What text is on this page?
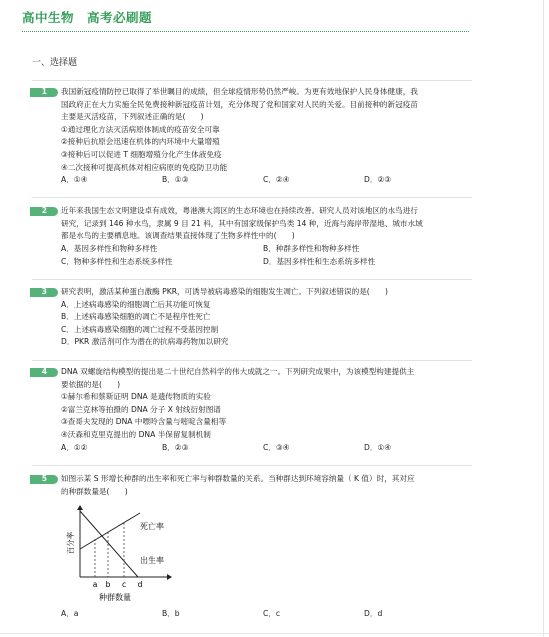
高中生物　高考必刷题
一、选择题
1 我国新冠疫情防控已取得了举世瞩目的成绩，但全球疫情形势仍然严峻。为更有效地保护人民身体健康，我
国政府正在大力实施全民免费接种新冠疫苗计划，充分体现了党和国家对人民的关爱。目前接种的新冠疫苗
主要是灭活疫苗，下列叙述正确的是(　　)
①通过理化方法灭活病原体制成的疫苗安全可靠
②接种后抗原会迅速在机体的内环境中大量增殖
③接种后可以促进 T 细胞增殖分化产生体液免疫
④二次接种可提高机体对相应病原的免疫防卫功能
A．①④	B．①③	C．②④	D．②③
2 近年来我国生态文明建设卓有成效，粤港澳大湾区的生态环境也在持续改善。研究人员对该地区的水鸟进行
研究，记录到 146 种水鸟，隶属 9 目 21 科，其中有国家级保护鸟类 14 种，近海与海岸带湿地、城市水域
都是水鸟的主要栖息地。该调查结果直接体现了生物多样性中的(　　)
A．基因多样性和物种多样性	B．种群多样性和物种多样性
C．物种多样性和生态系统多样性	D．基因多样性和生态系统多样性
3 研究表明，激活某种蛋白激酶 PKR，可诱导被病毒感染的细胞发生凋亡。下列叙述错误的是(　　)
A．上述病毒感染的细胞凋亡后其功能可恢复
B．上述病毒感染细胞的凋亡不是程序性死亡
C．上述病毒感染细胞的凋亡过程不受基因控制
D．PKR 激活剂可作为潜在的抗病毒药物加以研究
4 DNA 双螺旋结构模型的提出是二十世纪自然科学的伟大成就之一。下列研究成果中，为该模型构建提供主
要依据的是(　　)
①赫尔希和蔡斯证明 DNA 是遗传物质的实验
②富兰克林等拍摄的 DNA 分子 X 射线衍射图谱
③查哥夫发现的 DNA 中嘌呤含量与嘧啶含量相等
④沃森和克里克提出的 DNA 半保留复制机制
A．①②	B．②③	C．③④	D．①④
5 如图示某 S 形增长种群的出生率和死亡率与种群数量的关系。当种群达到环境容纳量（ K 值）时，其对应
的种群数量是(　　)
百分率
死亡率
出生率
a b c d
种群数量
A．a	B．b	C．c	D．d
